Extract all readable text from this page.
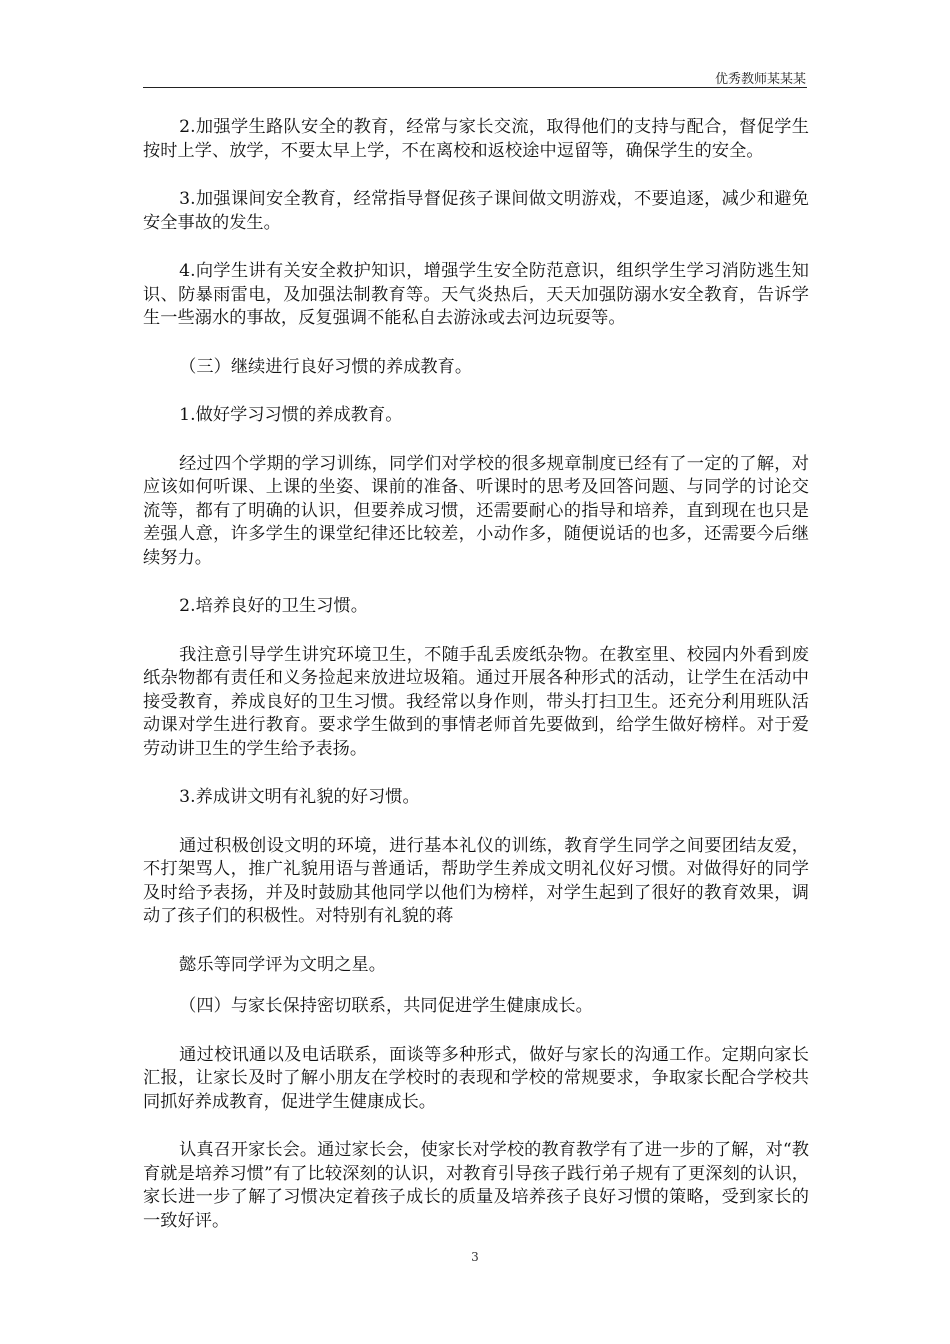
优秀教师某某某

2.加强学生路队安全的教育，经常与家长交流，取得他们的支持与配合，督促学生按时上学、放学，不要太早上学，不在离校和返校途中逗留等，确保学生的安全。

3.加强课间安全教育，经常指导督促孩子课间做文明游戏，不要追逐，减少和避免安全事故的发生。

4.向学生讲有关安全救护知识，增强学生安全防范意识，组织学生学习消防逃生知识、防暴雨雷电，及加强法制教育等。天气炎热后，天天加强防溺水安全教育，告诉学生一些溺水的事故，反复强调不能私自去游泳或去河边玩耍等。

（三）继续进行良好习惯的养成教育。

1.做好学习习惯的养成教育。

经过四个学期的学习训练，同学们对学校的很多规章制度已经有了一定的了解，对应该如何听课、上课的坐姿、课前的准备、听课时的思考及回答问题、与同学的讨论交流等，都有了明确的认识，但要养成习惯，还需要耐心的指导和培养，直到现在也只是差强人意，许多学生的课堂纪律还比较差，小动作多，随便说话的也多，还需要今后继续努力。

2.培养良好的卫生习惯。

我注意引导学生讲究环境卫生，不随手乱丢废纸杂物。在教室里、校园内外看到废纸杂物都有责任和义务捡起来放进垃圾箱。通过开展各种形式的活动，让学生在活动中接受教育，养成良好的卫生习惯。我经常以身作则，带头打扫卫生。还充分利用班队活动课对学生进行教育。要求学生做到的事情老师首先要做到，给学生做好榜样。对于爱劳动讲卫生的学生给予表扬。

3.养成讲文明有礼貌的好习惯。

通过积极创设文明的环境，进行基本礼仪的训练，教育学生同学之间要团结友爱，不打架骂人，推广礼貌用语与普通话，帮助学生养成文明礼仪好习惯。对做得好的同学及时给予表扬，并及时鼓励其他同学以他们为榜样，对学生起到了很好的教育效果，调动了孩子们的积极性。对特别有礼貌的蒋

懿乐等同学评为文明之星。

（四）与家长保持密切联系，共同促进学生健康成长。

通过校讯通以及电话联系，面谈等多种形式，做好与家长的沟通工作。定期向家长汇报，让家长及时了解小朋友在学校时的表现和学校的常规要求，争取家长配合学校共同抓好养成教育，促进学生健康成长。

认真召开家长会。通过家长会，使家长对学校的教育教学有了进一步的了解，对“教育就是培养习惯”有了比较深刻的认识，对教育引导孩子践行弟子规有了更深刻的认识，家长进一步了解了习惯决定着孩子成长的质量及培养孩子良好习惯的策略，受到家长的一致好评。

3
